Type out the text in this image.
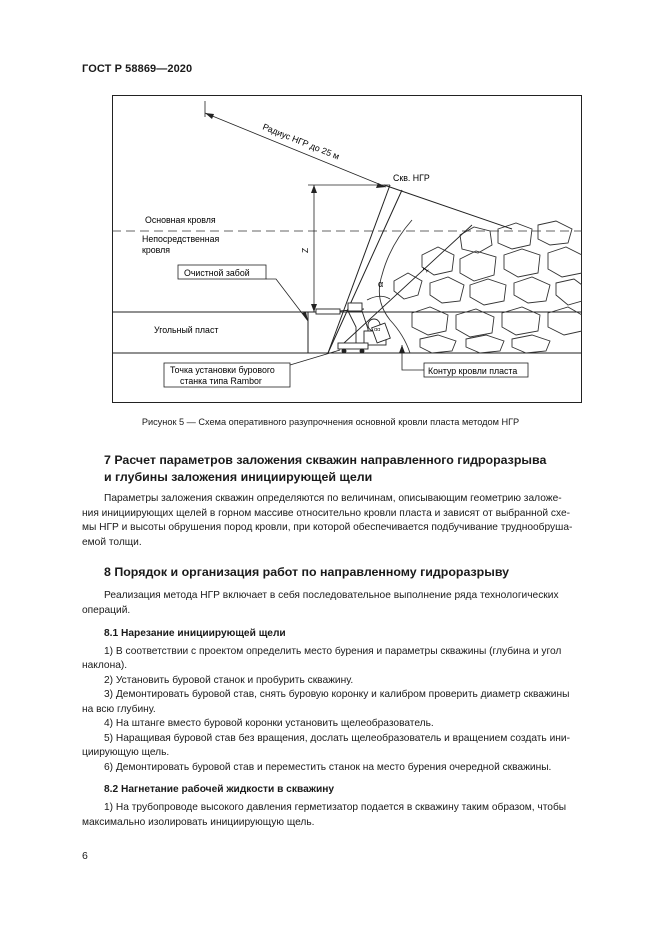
ГОСТ Р 58869—2020
Радиус НГР до 25 м
Z
α
1
Скв. НГР
Основная кровля
Непосредственная
кровля
Очистной забой
Угольный пласт	αα
Точка установки бурового
станка типа Rambor
Контур кровли пласта
Рисунок 5 — Схема оперативного разупрочнения основной кровли пласта методом НГР
7 Расчет параметров заложения скважин направленного гидроразрыва
и глубины заложения инициирующей щели
Параметры заложения скважин определяются по величинам, описывающим геометрию заложе-
ния инициирующих щелей в горном массиве относительно кровли пласта и зависят от выбранной схе-
мы НГР и высоты обрушения пород кровли, при которой обеспечивается подбучивание труднообруша-
емой толщи.
8 Порядок и организация работ по направленному гидроразрыву
Реализация метода НГР включает в себя последовательное выполнение ряда технологических
операций.
8.1 Нарезание инициирующей щели
1) В соответствии с проектом определить место бурения и параметры скважины (глубина и угол
наклона).
2) Установить буровой станок и пробурить скважину.
3) Демонтировать буровой став, снять буровую коронку и калибром проверить диаметр скважины
на всю глубину.
4) На штанге вместо буровой коронки установить щелеобразователь.
5) Наращивая буровой став без вращения, дослать щелеобразователь и вращением создать ини-
циирующую щель.
6) Демонтировать буровой став и переместить станок на место бурения очередной скважины.
8.2 Нагнетание рабочей жидкости в скважину
1) На трубопроводе высокого давления герметизатор подается в скважину таким образом, чтобы
максимально изолировать инициирующую щель.
6
